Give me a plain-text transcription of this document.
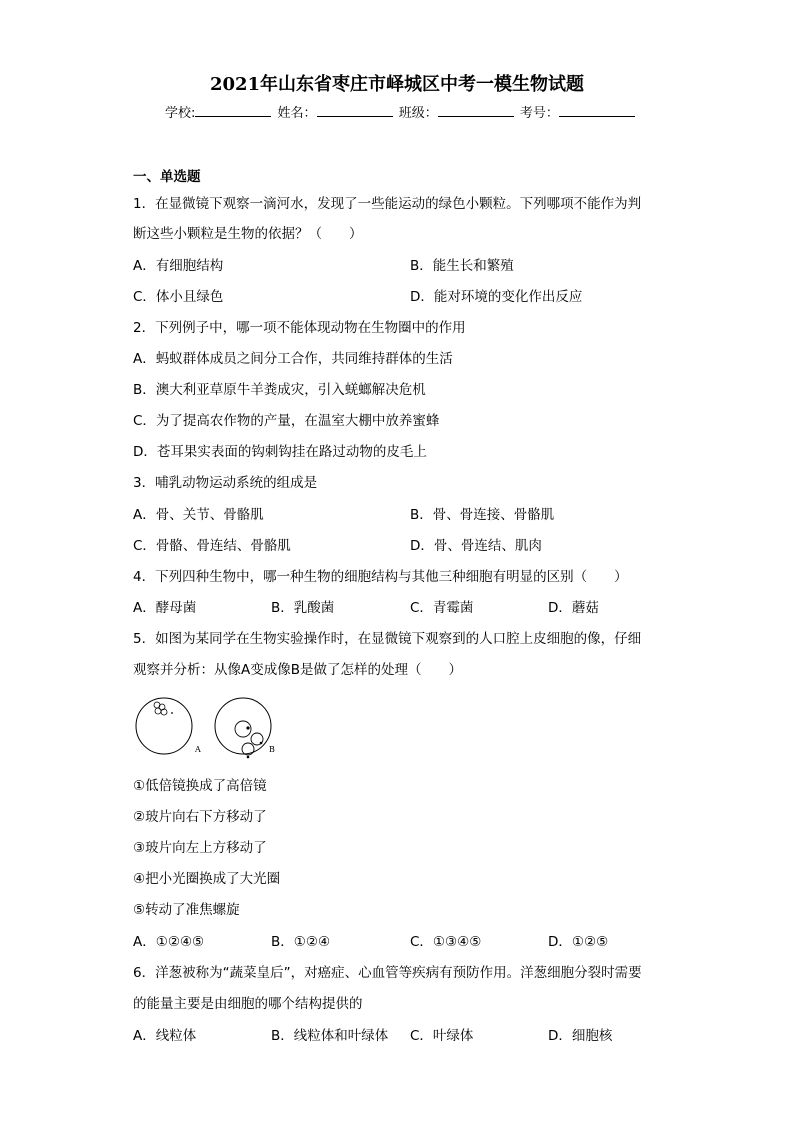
2021年山东省枣庄市峄城区中考一模生物试题
学校:	姓名：	班级：	考号：
一、单选题
1．在显微镜下观察一滴河水，发现了一些能运动的绿色小颗粒。下列哪项不能作为判
断这些小颗粒是生物的依据？（　　）
A．有细胞结构	B．能生长和繁殖
C．体小且绿色	D．能对环境的变化作出反应
2．下列例子中，哪一项不能体现动物在生物圈中的作用
A．蚂蚁群体成员之间分工合作，共同维持群体的生活
B．澳大利亚草原牛羊粪成灾，引入蜣螂解决危机
C．为了提高农作物的产量，在温室大棚中放养蜜蜂
D．苍耳果实表面的钩刺钩挂在路过动物的皮毛上
3．哺乳动物运动系统的组成是
A．骨、关节、骨骼肌	B．骨、骨连接、骨骼肌
C．骨骼、骨连结、骨骼肌	D．骨、骨连结、肌肉
4．下列四种生物中，哪一种生物的细胞结构与其他三种细胞有明显的区别（　　）
A．酵母菌	B．乳酸菌	C．青霉菌	D．蘑菇
5．如图为某同学在生物实验操作时，在显微镜下观察到的人口腔上皮细胞的像，仔细
观察并分析：从像A变成像B是做了怎样的处理（　　）
A	B
①低倍镜换成了高倍镜
②玻片向右下方移动了
③玻片向左上方移动了
④把小光圈换成了大光圈
⑤转动了准焦螺旋
A．①②④⑤	B．①②④	C．①③④⑤	D．①②⑤
6．洋葱被称为“蔬菜皇后”，对癌症、心血管等疾病有预防作用。洋葱细胞分裂时需要
的能量主要是由细胞的哪个结构提供的
A．线粒体	B．线粒体和叶绿体 C．叶绿体	D．细胞核
